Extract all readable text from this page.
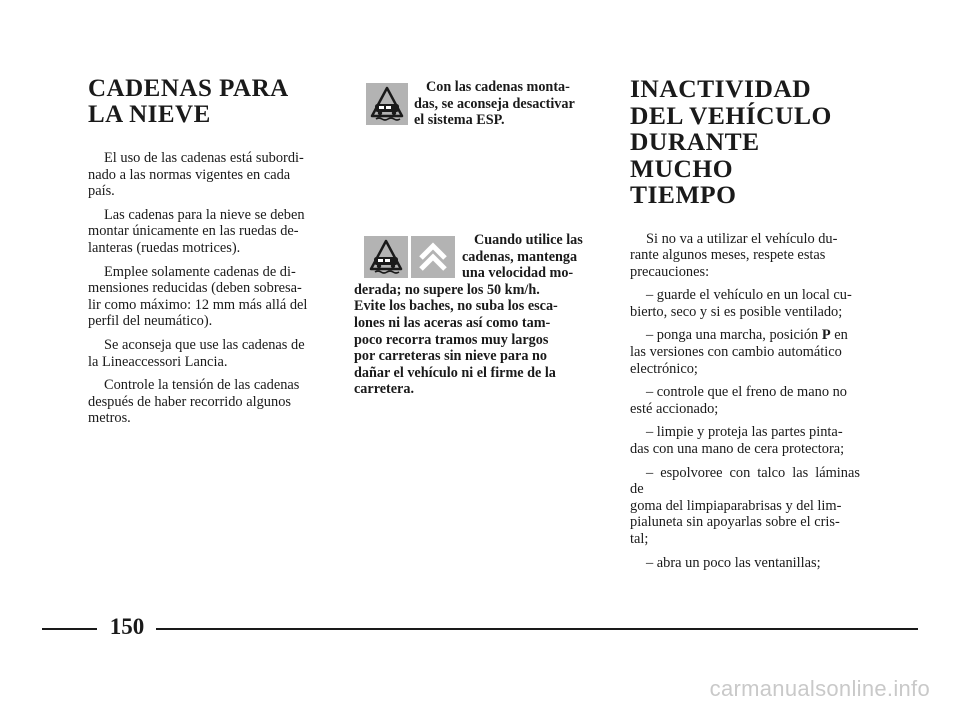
CADENAS PARA
LA NIEVE

El uso de las cadenas está subordi-
nado a las normas vigentes en cada
país.

Las cadenas para la nieve se deben
montar únicamente en las ruedas de-
lanteras (ruedas motrices).

Emplee solamente cadenas de di-
mensiones reducidas (deben sobresa-
lir como máximo: 12 mm más allá del
perfil del neumático).

Se aconseja que use las cadenas de
la Lineaccessori Lancia.

Controle la tensión de las cadenas
después de haber recorrido algunos
metros.

Con las cadenas monta-
das, se aconseja desactivar
el sistema ESP.
Cuando utilice las
cadenas, mantenga
una velocidad mo-
derada; no supere los 50 km/h.
Evite los baches, no suba los esca-
lones ni las aceras así como tam-
poco recorra tramos muy largos
por carreteras sin nieve para no
dañar el vehículo ni el firme de la
carretera.
INACTIVIDAD
DEL VEHÍCULO
DURANTE MUCHO
TIEMPO

Si no va a utilizar el vehículo du-
rante algunos meses, respete estas
precauciones:

– guarde el vehículo en un local cu-
bierto, seco y si es posible ventilado;

– ponga una marcha, posición P en
las versiones con cambio automático
electrónico;

– controle que el freno de mano no
esté accionado;

– limpie y proteja las partes pinta-
das con una mano de cera protectora;

– espolvoree con talco las láminas de
goma del limpiaparabrisas y del lim-
pialuneta sin apoyarlas sobre el cris-
tal;

– abra un poco las ventanillas;

150
carmanualsonline.info
